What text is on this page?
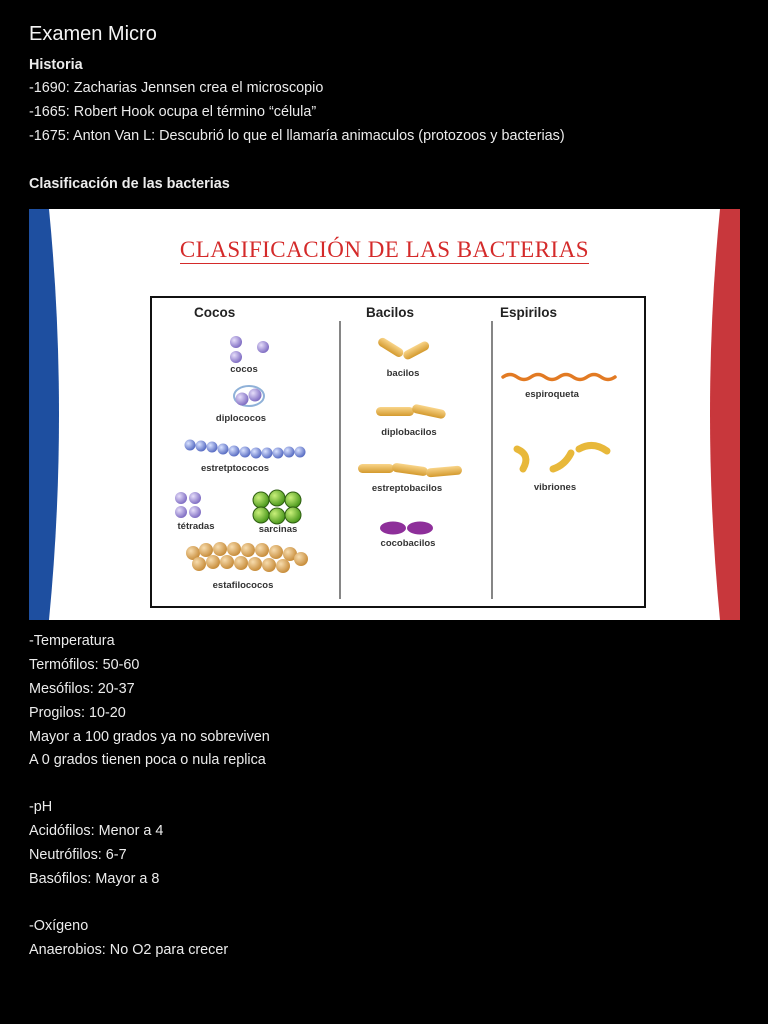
Examen Micro
Historia
-1690: Zacharias Jennsen crea el microscopio
-1665: Robert Hook ocupa el término “célula”
-1675: Anton Van L: Descubrió lo que el llamaría animaculos (protozoos y bacterias)
Clasificación de las bacterias
CLASIFICACIÓN DE LAS BACTERIAS
Cocos	Bacilos	Espirilos
cocos
diplococos
estretptococos
tétradas	sarcinas
estafilococos
bacilos
diplobacilos
estreptobacilos
cocobacilos
espiroqueta
vibriones
-Temperatura
Termófilos: 50-60
Mesófilos: 20-37
Progilos: 10-20
Mayor a 100 grados ya no sobreviven
A 0 grados tienen poca o nula replica
-pH
Acidófilos: Menor a 4
Neutrófilos: 6-7
Basófilos: Mayor a 8
-Oxígeno
Anaerobios: No O2 para crecer
